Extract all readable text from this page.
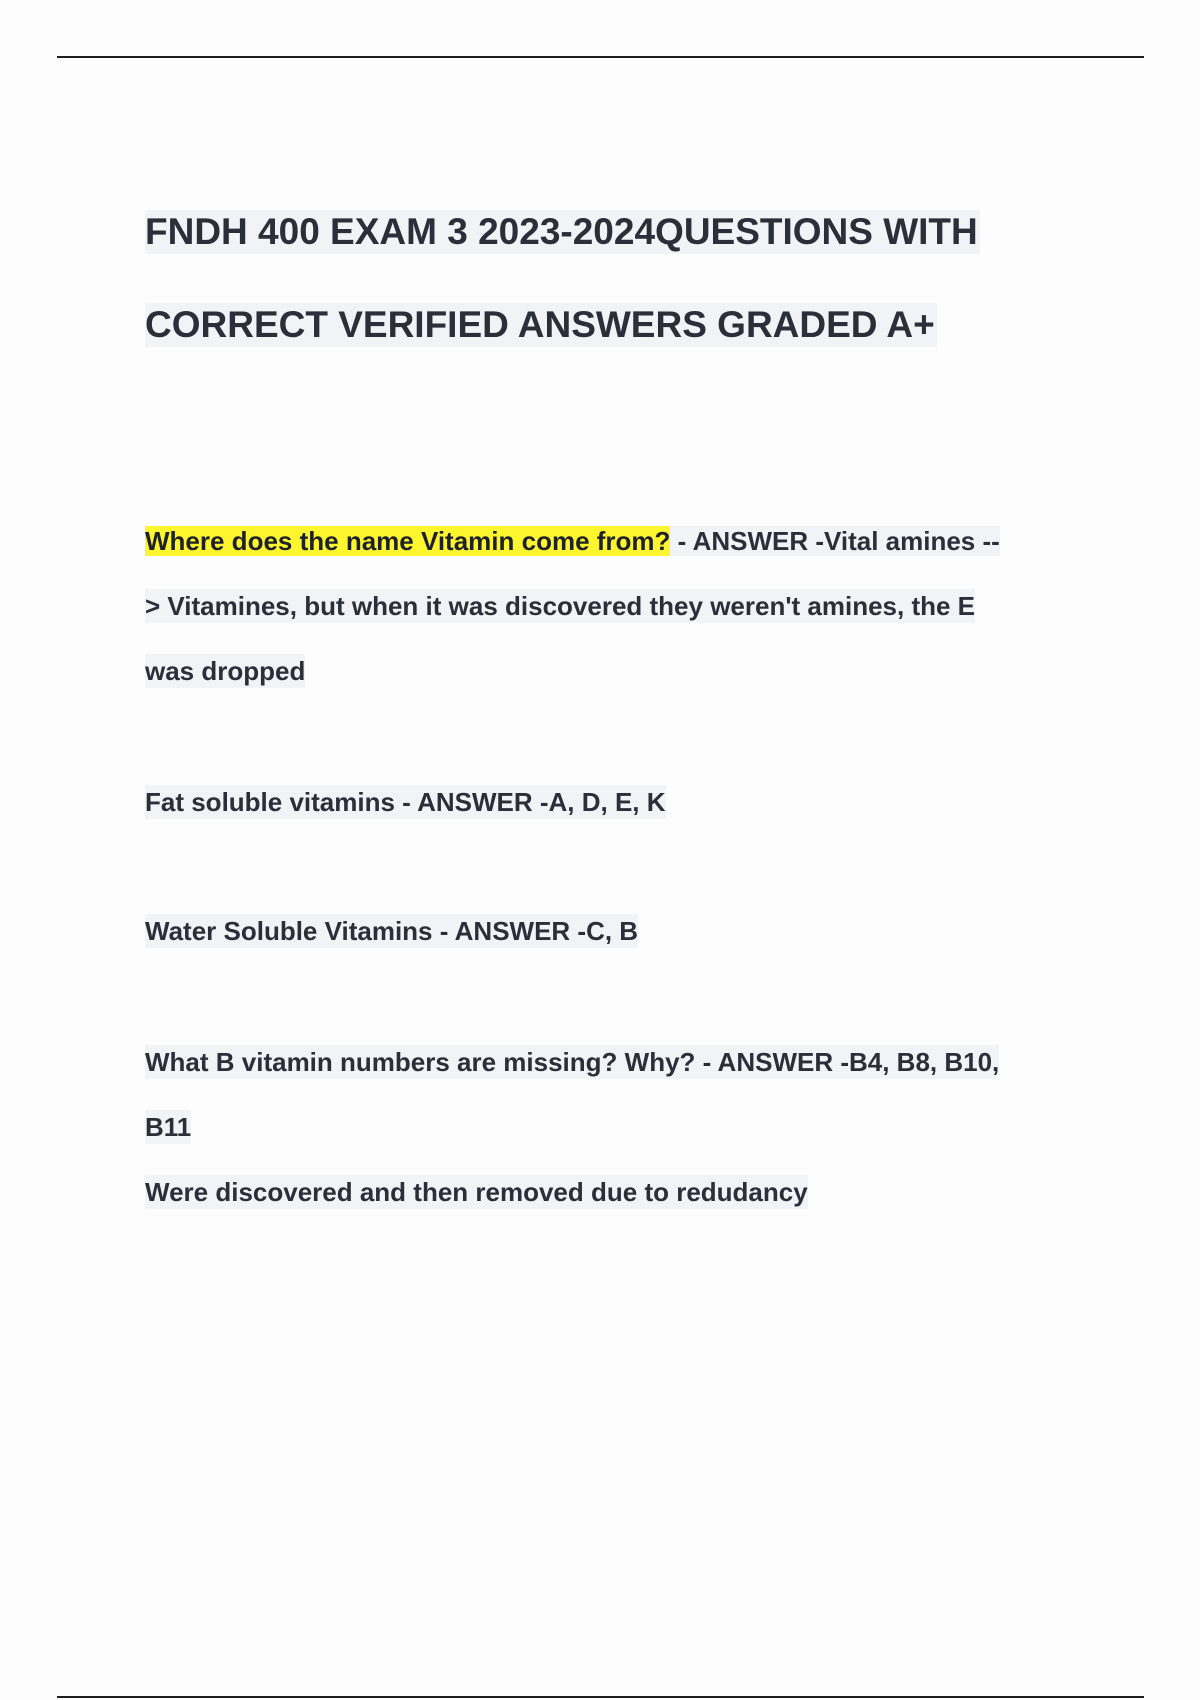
FNDH 400 EXAM 3 2023-2024QUESTIONS WITH
CORRECT VERIFIED ANSWERS GRADED A+
Where does the name Vitamin come from? - ANSWER -Vital amines --
> Vitamines, but when it was discovered they weren't amines, the E
was dropped
Fat soluble vitamins - ANSWER -A, D, E, K
Water Soluble Vitamins - ANSWER -C, B
What B vitamin numbers are missing? Why? - ANSWER -B4, B8, B10,
B11
Were discovered and then removed due to redudancy
